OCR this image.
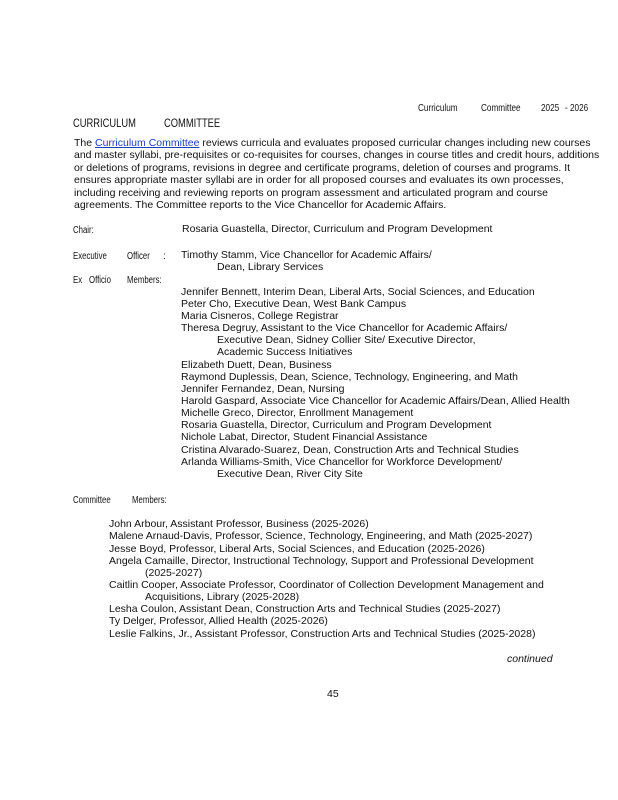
Curriculum	Committee	2025 - 2026
CURRICULUM	COMMITTEE
The Curriculum Committee reviews curricula and evaluates proposed curricular changes including new courses and master syllabi, pre-requisites or co-requisites for courses, changes in course titles and credit hours, additions or deletions of programs, revisions in degree and certificate programs, deletion of courses and programs. It ensures appropriate master syllabi are in order for all proposed courses and evaluates its own processes, including receiving and reviewing reports on program assessment and articulated program and course agreements. The Committee reports to the Vice Chancellor for Academic Affairs.
Chair:	Rosaria Guastella, Director, Curriculum and Program Development
Executive	Officer	: Timothy Stamm, Vice Chancellor for Academic Affairs/
Dean, Library Services
Ex Officio	Members:
Jennifer Bennett, Interim Dean, Liberal Arts, Social Sciences, and Education
Peter Cho, Executive Dean, West Bank Campus
Maria Cisneros, College Registrar
Theresa Degruy, Assistant to the Vice Chancellor for Academic Affairs/
Executive Dean, Sidney Collier Site/ Executive Director,
Academic Success Initiatives
Elizabeth Duett, Dean, Business
Raymond Duplessis, Dean, Science, Technology, Engineering, and Math
Jennifer Fernandez, Dean, Nursing
Harold Gaspard, Associate Vice Chancellor for Academic Affairs/Dean, Allied Health
Michelle Greco, Director, Enrollment Management
Rosaria Guastella, Director, Curriculum and Program Development
Nichole Labat, Director, Student Financial Assistance
Cristina Alvarado-Suarez, Dean, Construction Arts and Technical Studies
Arlanda Williams-Smith, Vice Chancellor for Workforce Development/
Executive Dean, River City Site
Committee	Members:
John Arbour, Assistant Professor, Business (2025-2026)
Malene Arnaud-Davis, Professor, Science, Technology, Engineering, and Math (2025-2027)
Jesse Boyd, Professor, Liberal Arts, Social Sciences, and Education (2025-2026)
Angela Camaille, Director, Instructional Technology, Support and Professional Development
(2025-2027)
Caitlin Cooper, Associate Professor, Coordinator of Collection Development Management and
Acquisitions, Library (2025-2028)
Lesha Coulon, Assistant Dean, Construction Arts and Technical Studies (2025-2027)
Ty Delger, Professor, Allied Health (2025-2026)
Leslie Falkins, Jr., Assistant Professor, Construction Arts and Technical Studies (2025-2028)
continued
45
